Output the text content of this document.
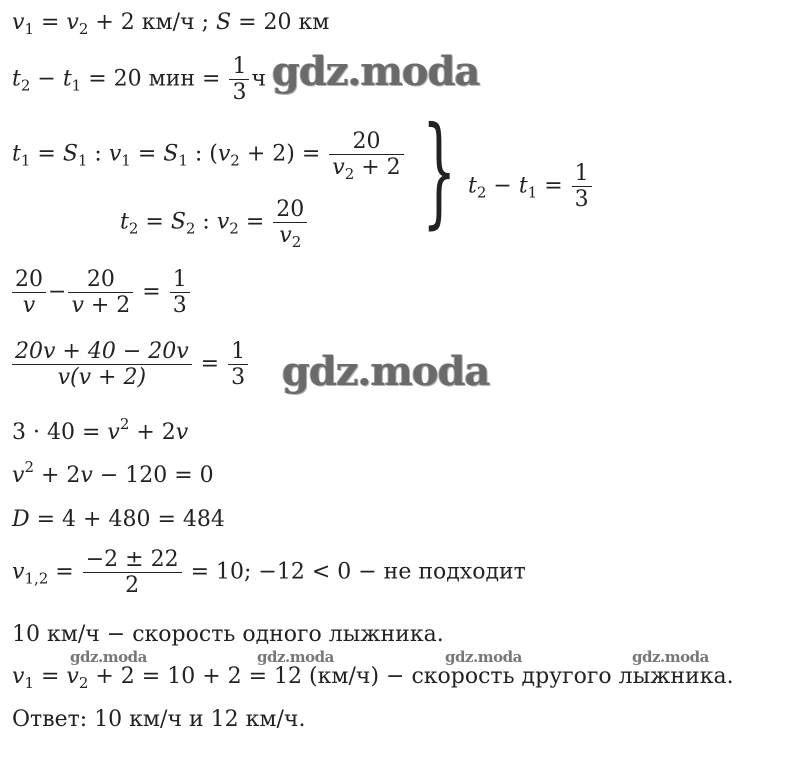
$v_1 = v_2 + 2$ км/ч ; S = 20 км
$t_2 - t_1 = 20$ мин = $\frac{1}{3}$ ч gdz.moda
$t_1 = S_1$ : $v_1 = S_1$ : $(v_2 + 2) = \frac{20}{v_2 + 2}$
$t_2 = S_2$ : $v_2 = \frac{20}{v_2}$ } $t_2 - t_1 = \frac{1}{3}$
$\frac{20}{v} - \frac{20}{v + 2} = \frac{1}{3}$
$\frac{20v + 40 - 20v}{v(v + 2)} = \frac{1}{3}$ gdz.moda
$3 \cdot 40 = v^2 + 2v$
$v^2 + 2v - 120 = 0$
D = 4 + 480 = 484
$v_{1,2} = \frac{-2 \pm 22}{2} = 10$; −12 < 0 − не подходит
10 км/ч − скорость одного лыжника.
gdz.moda	gdz.moda	gdz.moda	gdz.moda
$v_1 = v_2 + 2 = 10 + 2 = 12$ (км/ч) − скорость другого лыжника.
Ответ: 10 км/ч и 12 км/ч.
